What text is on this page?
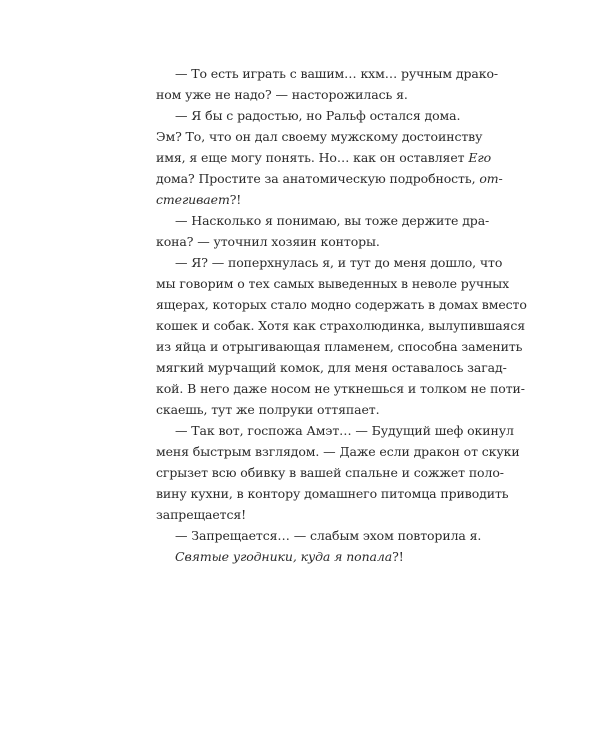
— То есть играть с вашим… кхм… ручным драко-
ном уже не надо? — насторожилась я.
— Я бы с радостью, но Ральф остался дома.
Эм? То, что он дал своему мужскому достоинству
имя, я еще могу понять. Но… как он оставляет Его
дома? Простите за анатомическую подробность, от-
стегивает?!
— Насколько я понимаю, вы тоже держите дра-
кона? — уточнил хозяин конторы.
— Я? — поперхнулась я, и тут до меня дошло, что
мы говорим о тех самых выведенных в неволе ручных
ящерах, которых стало модно содержать в домах вместо
кошек и собак. Хотя как страхолюдинка, вылупившаяся
из яйца и отрыгивающая пламенем, способна заменить
мягкий мурчащий комок, для меня оставалось загад-
кой. В него даже носом не уткнешься и толком не поти-
скаешь, тут же полруки оттяпает.
— Так вот, госпожа Амэт… — Будущий шеф окинул
меня быстрым взглядом. — Даже если дракон от скуки
сгрызет всю обивку в вашей спальне и сожжет поло-
вину кухни, в контору домашнего питомца приводить
запрещается!
— Запрещается… — слабым эхом повторила я.
Святые угодники, куда я попала?!
